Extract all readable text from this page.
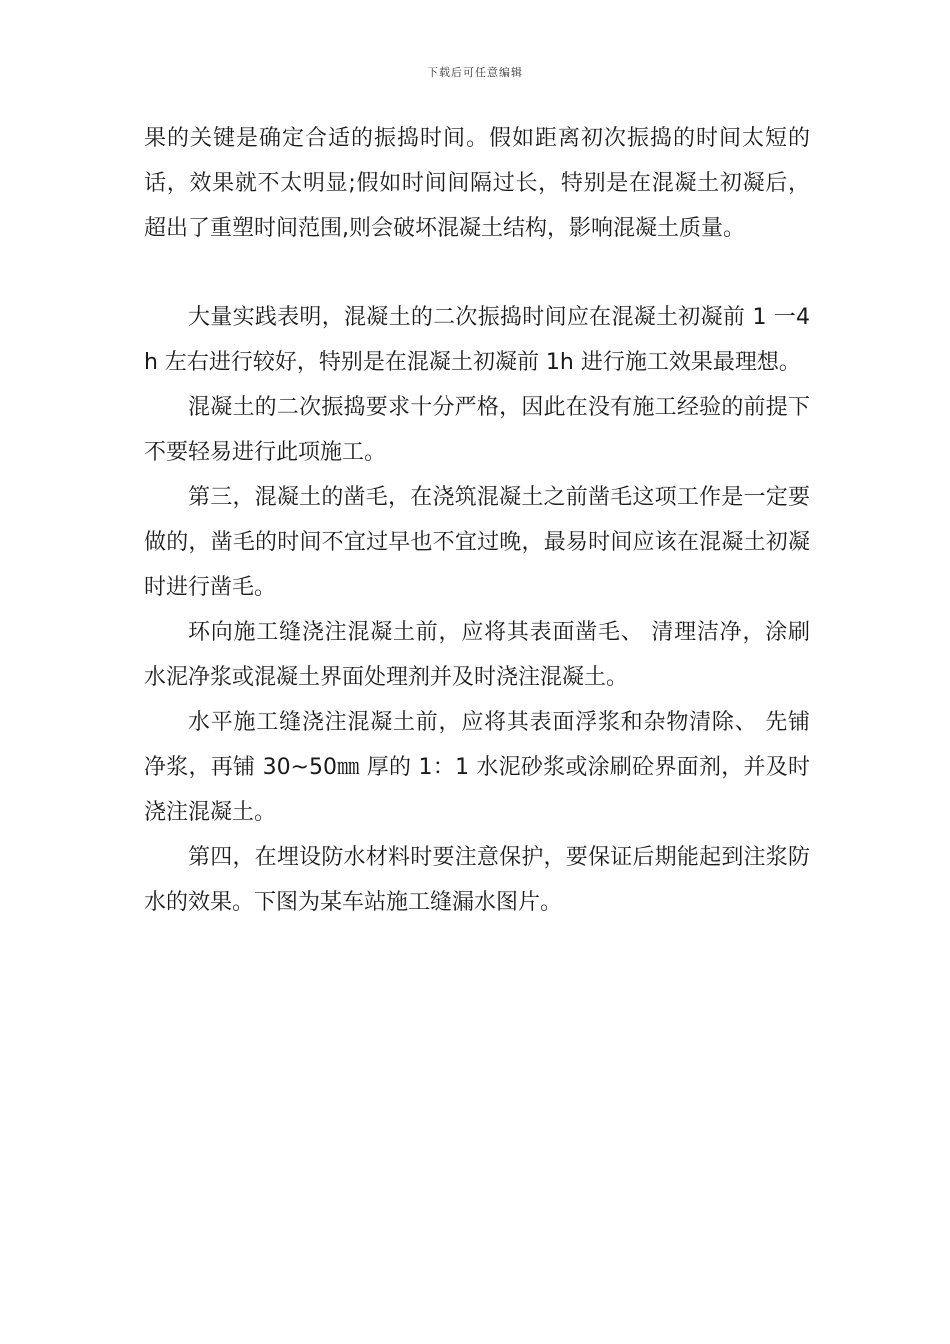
下载后可任意编辑

果的关键是确定合适的振捣时间。假如距离初次振捣的时间太短的话，效果就不太明显;假如时间间隔过长，特别是在混凝土初凝后，超出了重塑时间范围,则会破坏混凝土结构，影响混凝土质量。

大量实践表明，混凝土的二次振捣时间应在混凝土初凝前 1 一4h 左右进行较好，特别是在混凝土初凝前 1h 进行施工效果最理想。

混凝土的二次振捣要求十分严格，因此在没有施工经验的前提下不要轻易进行此项施工。

第三，混凝土的凿毛，在浇筑混凝土之前凿毛这项工作是一定要做的，凿毛的时间不宜过早也不宜过晚，最易时间应该在混凝土初凝时进行凿毛。

环向施工缝浇注混凝土前，应将其表面凿毛、 清理洁净，涂刷水泥净浆或混凝土界面处理剂并及时浇注混凝土。

水平施工缝浇注混凝土前，应将其表面浮浆和杂物清除、 先铺净浆，再铺 30~50㎜ 厚的 1：1 水泥砂浆或涂刷砼界面剂，并及时浇注混凝土。

第四，在埋设防水材料时要注意保护，要保证后期能起到注浆防水的效果。下图为某车站施工缝漏水图片。
